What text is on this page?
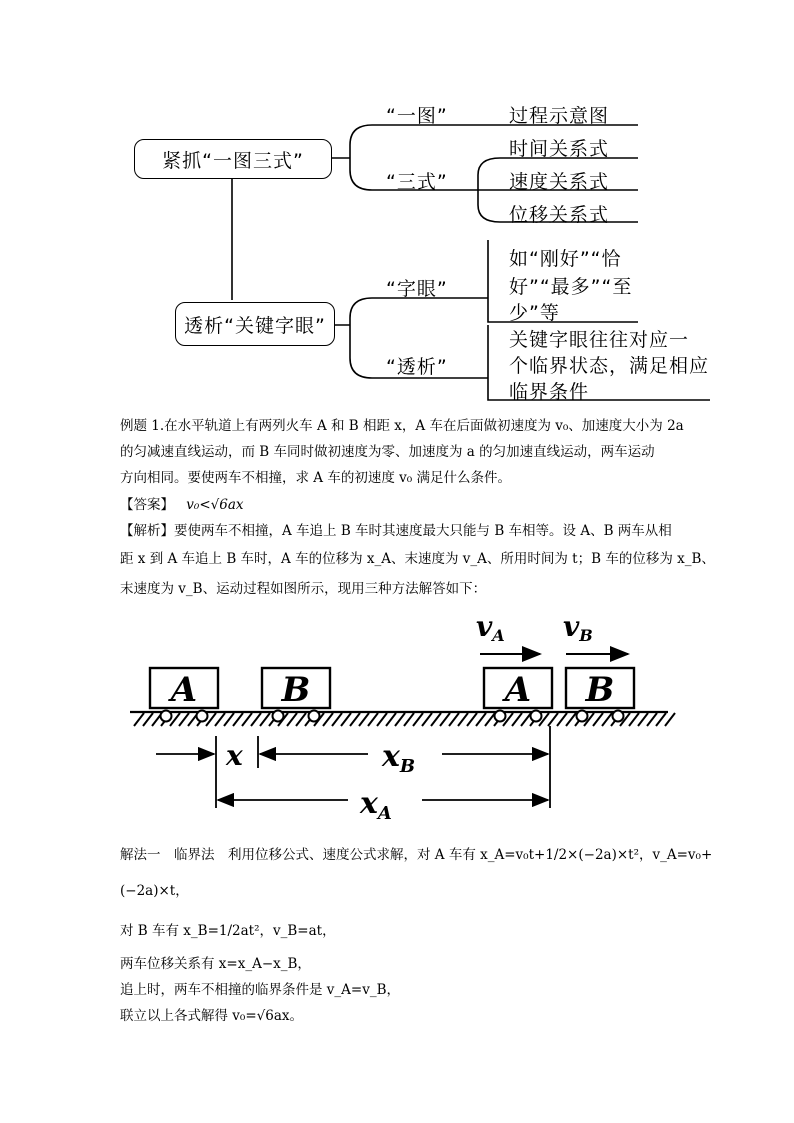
紧抓“一图三式”
透析“关键字眼”
“一图”
“三式”
过程示意图
时间关系式
速度关系式
位移关系式
“字眼”
“透析”
如“刚好”“恰
好”“最多”“至
少”等
关键字眼往往对应一
个临界状态，满足相应
临界条件
例题 1.在水平轨道上有两列火车 A 和 B 相距 x，A 车在后面做初速度为 v₀、加速度大小为 2a
的匀减速直线运动，而 B 车同时做初速度为零、加速度为 a 的匀加速直线运动，两车运动
方向相同。要使两车不相撞，求 A 车的初速度 v₀ 满足什么条件。
【答案】 v₀<√6ax
【解析】要使两车不相撞，A 车追上 B 车时其速度最大只能与 B 车相等。设 A、B 两车从相
距 x 到 A 车追上 B 车时，A 车的位移为 x_A、末速度为 v_A、所用时间为 t；B 车的位移为 x_B、
末速度为 v_B、运动过程如图所示，现用三种方法解答如下：
A B	A B
vA vB
x	$x_B$
$x_A$
解法一　临界法　利用位移公式、速度公式求解，对 A 车有 x_A=v₀t+1/2×(−2a)×t²，v_A=v₀+
(−2a)×t，
对 B 车有 x_B=1/2at²，v_B=at，
两车位移关系有 x=x_A−x_B，
追上时，两车不相撞的临界条件是 v_A=v_B，
联立以上各式解得 v₀=√6ax。
